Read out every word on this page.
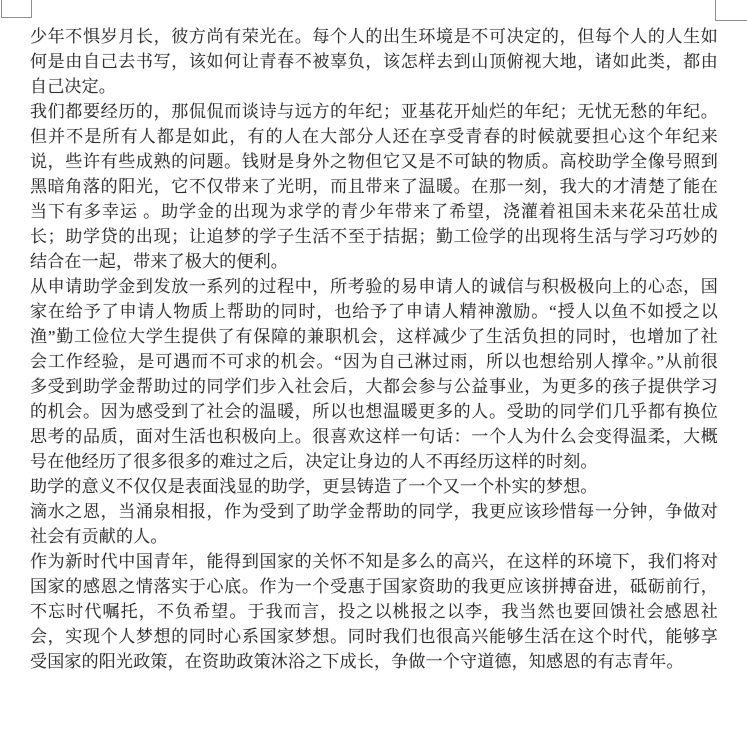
少年不惧岁月长，彼方尚有荣光在。每个人的出生环境是不可决定的，但每个人的人生如
何是由自己去书写，该如何让青春不被辜负，该怎样去到山顶俯视大地，诸如此类，都由
自己决定。
我们都要经历的，那侃侃而谈诗与远方的年纪；亚基花开灿烂的年纪；无忧无愁的年纪。
但并不是所有人都是如此，有的人在大部分人还在享受青春的时候就要担心这个年纪来
说，些许有些成熟的问题。钱财是身外之物但它又是不可缺的物质。高校助学全像号照到
黑暗角落的阳光，它不仅带来了光明，而且带来了温暖。在那一刻，我大的才清楚了能在
当下有多幸运 。助学金的出现为求学的青少年带来了希望，浇灌着祖国未来花朵茁壮成
长；助学贷的出现；让追梦的学子生活不至于拮据；勤工俭学的出现将生活与学习巧妙的
结合在一起，带来了极大的便利。
从申请助学金到发放一系列的过程中，所考验的易申请人的诚信与积极极向上的心态，国
家在给予了申请人物质上帮助的同时，也给予了申请人精神激励。“授人以鱼不如授之以
渔”勤工俭位大学生提供了有保障的兼职机会，这样减少了生活负担的同时，也增加了社
会工作经验，是可遇而不可求的机会。“因为自己淋过雨，所以也想给别人撑伞。”从前很
多受到助学金帮助过的同学们步入社会后，大都会参与公益事业，为更多的孩子提供学习
的机会。因为感受到了社会的温暖，所以也想温暖更多的人。受助的同学们几乎都有换位
思考的品质，面对生活也积极向上。很喜欢这样一句话：一个人为什么会变得温柔，大概
号在他经历了很多很多的难过之后，决定让身边的人不再经历这样的时刻。
助学的意义不仅仅是表面浅显的助学，更昙铸造了一个又一个朴实的梦想。
滴水之恩，当涌泉相报，作为受到了助学金帮助的同学，我更应该珍惜每一分钟，争做对
社会有贡献的人。
作为新时代中国青年，能得到国家的关怀不知是多么的高兴，在这样的环境下，我们将对
国家的感恩之情落实于心底。作为一个受惠于国家资助的我更应该拼搏奋进，砥砺前行，
不忘时代嘱托，不负希望。于我而言，投之以桃报之以李，我当然也要回馈社会感恩社
会，实现个人梦想的同时心系国家梦想。同时我们也很高兴能够生活在这个时代，能够享
受国家的阳光政策，在资助政策沐浴之下成长，争做一个守道德，知感恩的有志青年。
